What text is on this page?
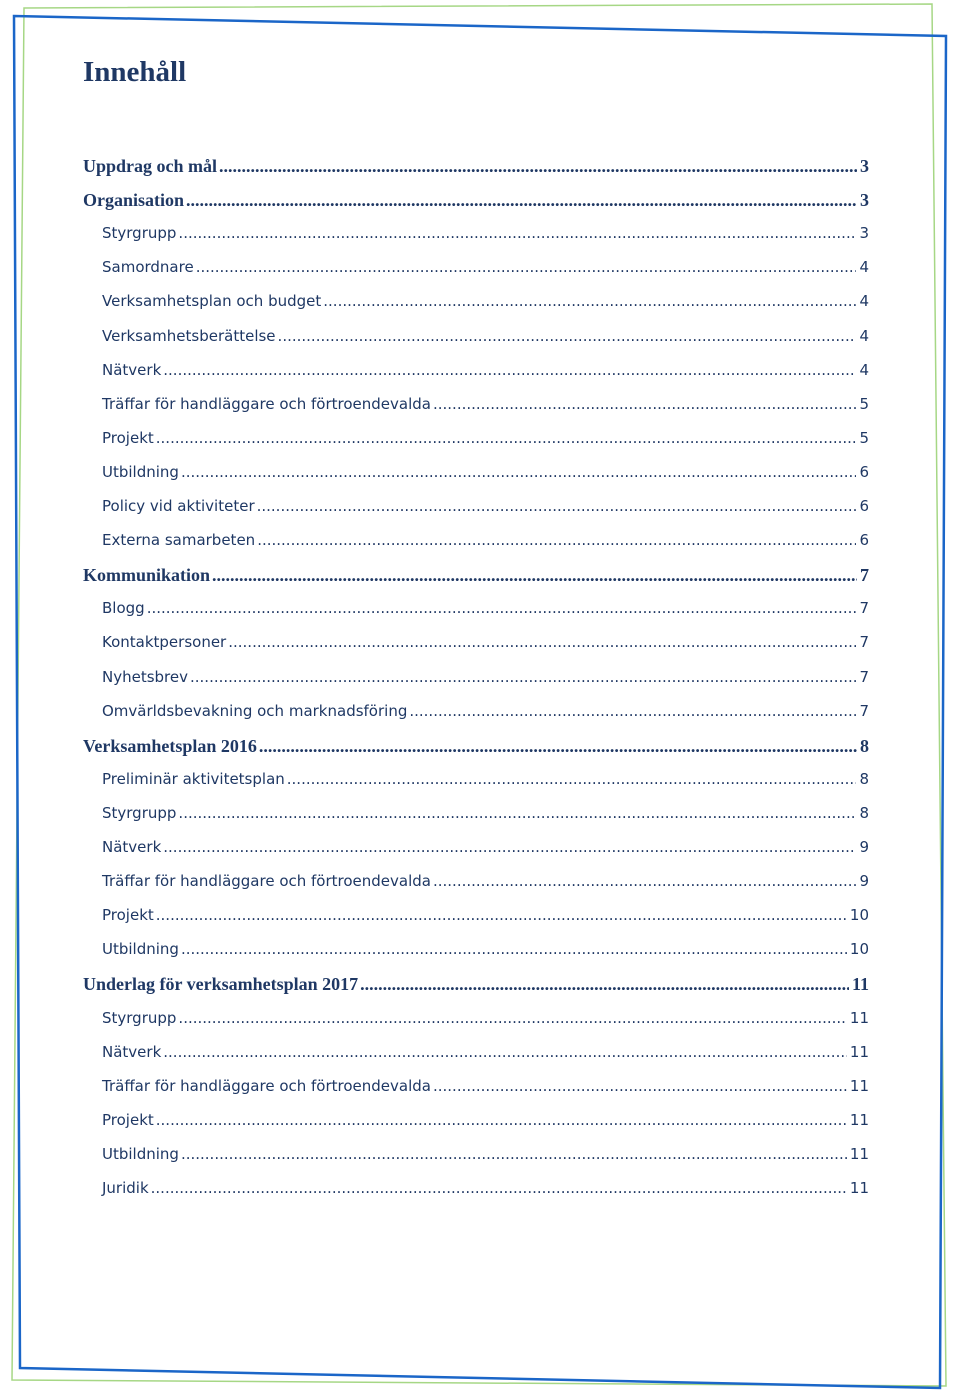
Innehåll
Uppdrag och mål .....	3
Organisation .....	3
Styrgrupp .....	3
Samordnare .....	4
Verksamhetsplan och budget .....	4
Verksamhetsberättelse .....	4
Nätverk .....	4
Träffar för handläggare och förtroendevalda .....	5
Projekt .....	5
Utbildning .....	6
Policy vid aktiviteter .....	6
Externa samarbeten .....	6
Kommunikation .....	7
Blogg .....	7
Kontaktpersoner .....	7
Nyhetsbrev .....	7
Omvärldsbevakning och marknadsföring .....	7
Verksamhetsplan 2016 .....	8
Preliminär aktivitetsplan .....	8
Styrgrupp .....	8
Nätverk .....	9
Träffar för handläggare och förtroendevalda .....	9
Projekt .....	10
Utbildning .....	10
Underlag för verksamhetsplan 2017 .....	11
Styrgrupp .....	11
Nätverk .....	11
Träffar för handläggare och förtroendevalda .....	11
Projekt .....	11
Utbildning .....	11
Juridik .....	11
